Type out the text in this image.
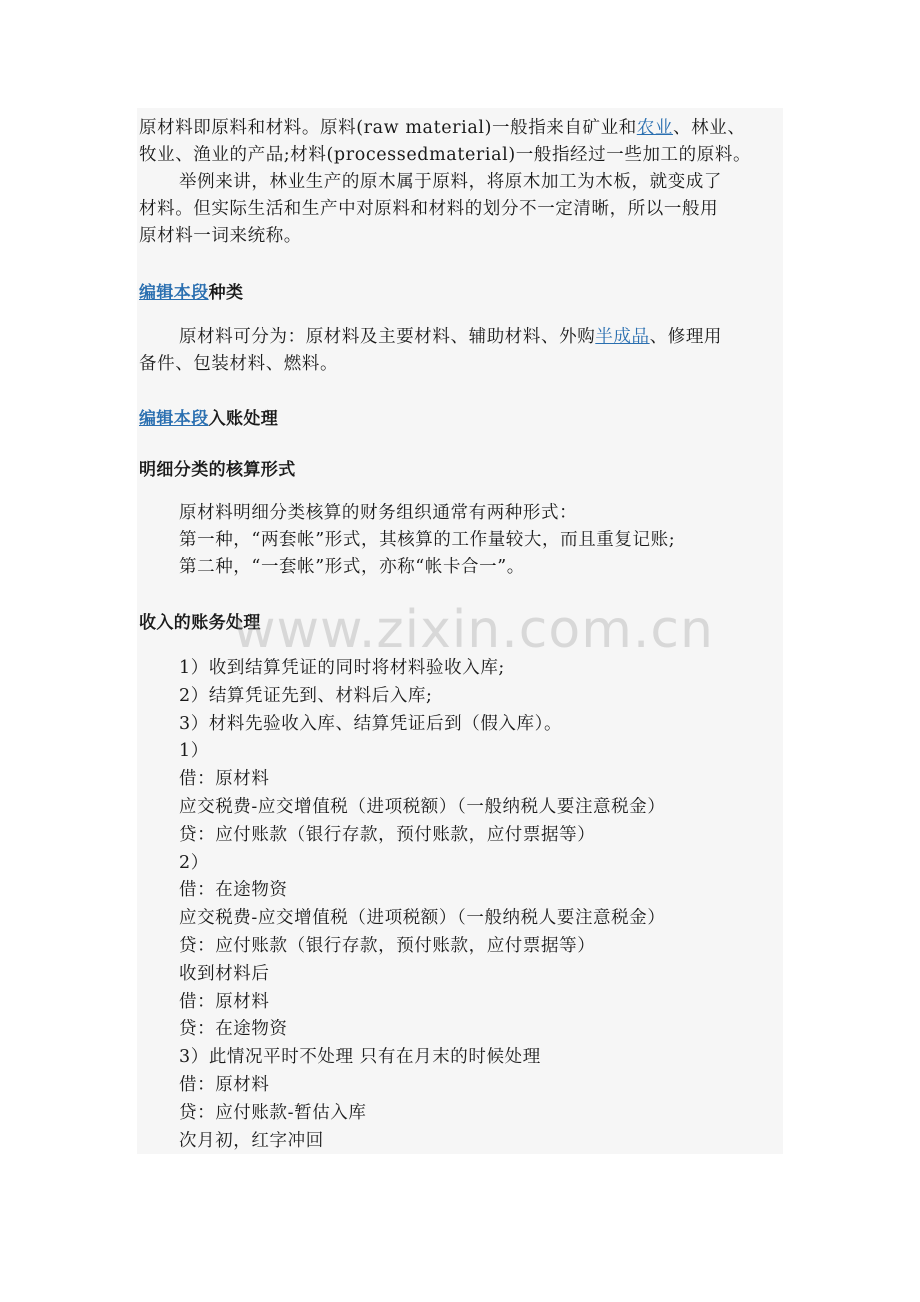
原材料即原料和材料。原料(raw material)一般指来自矿业和农业、林业、
牧业、渔业的产品;材料(processedmaterial)一般指经过一些加工的原料。
举例来讲，林业生产的原木属于原料，将原木加工为木板，就变成了
材料。但实际生活和生产中对原料和材料的划分不一定清晰，所以一般用
原材料一词来统称。
编辑本段种类
原材料可分为：原材料及主要材料、辅助材料、外购半成品、修理用
备件、包装材料、燃料。
编辑本段入账处理
明细分类的核算形式
原材料明细分类核算的财务组织通常有两种形式：
第一种，“两套帐”形式，其核算的工作量较大，而且重复记账;
第二种，“一套帐”形式，亦称“帐卡合一”。
收入的账务处理
www.zixin.com.cn
1）收到结算凭证的同时将材料验收入库;
2）结算凭证先到、材料后入库;
3）材料先验收入库、结算凭证后到（假入库）。
1）
借：原材料
应交税费-应交增值税（进项税额）（一般纳税人要注意税金）
贷：应付账款（银行存款，预付账款，应付票据等）
2）
借：在途物资
应交税费-应交增值税（进项税额）（一般纳税人要注意税金）
贷：应付账款（银行存款，预付账款，应付票据等）
收到材料后
借：原材料
贷：在途物资
3）此情况平时不处理 只有在月末的时候处理
借：原材料
贷：应付账款-暂估入库
次月初，红字冲回
